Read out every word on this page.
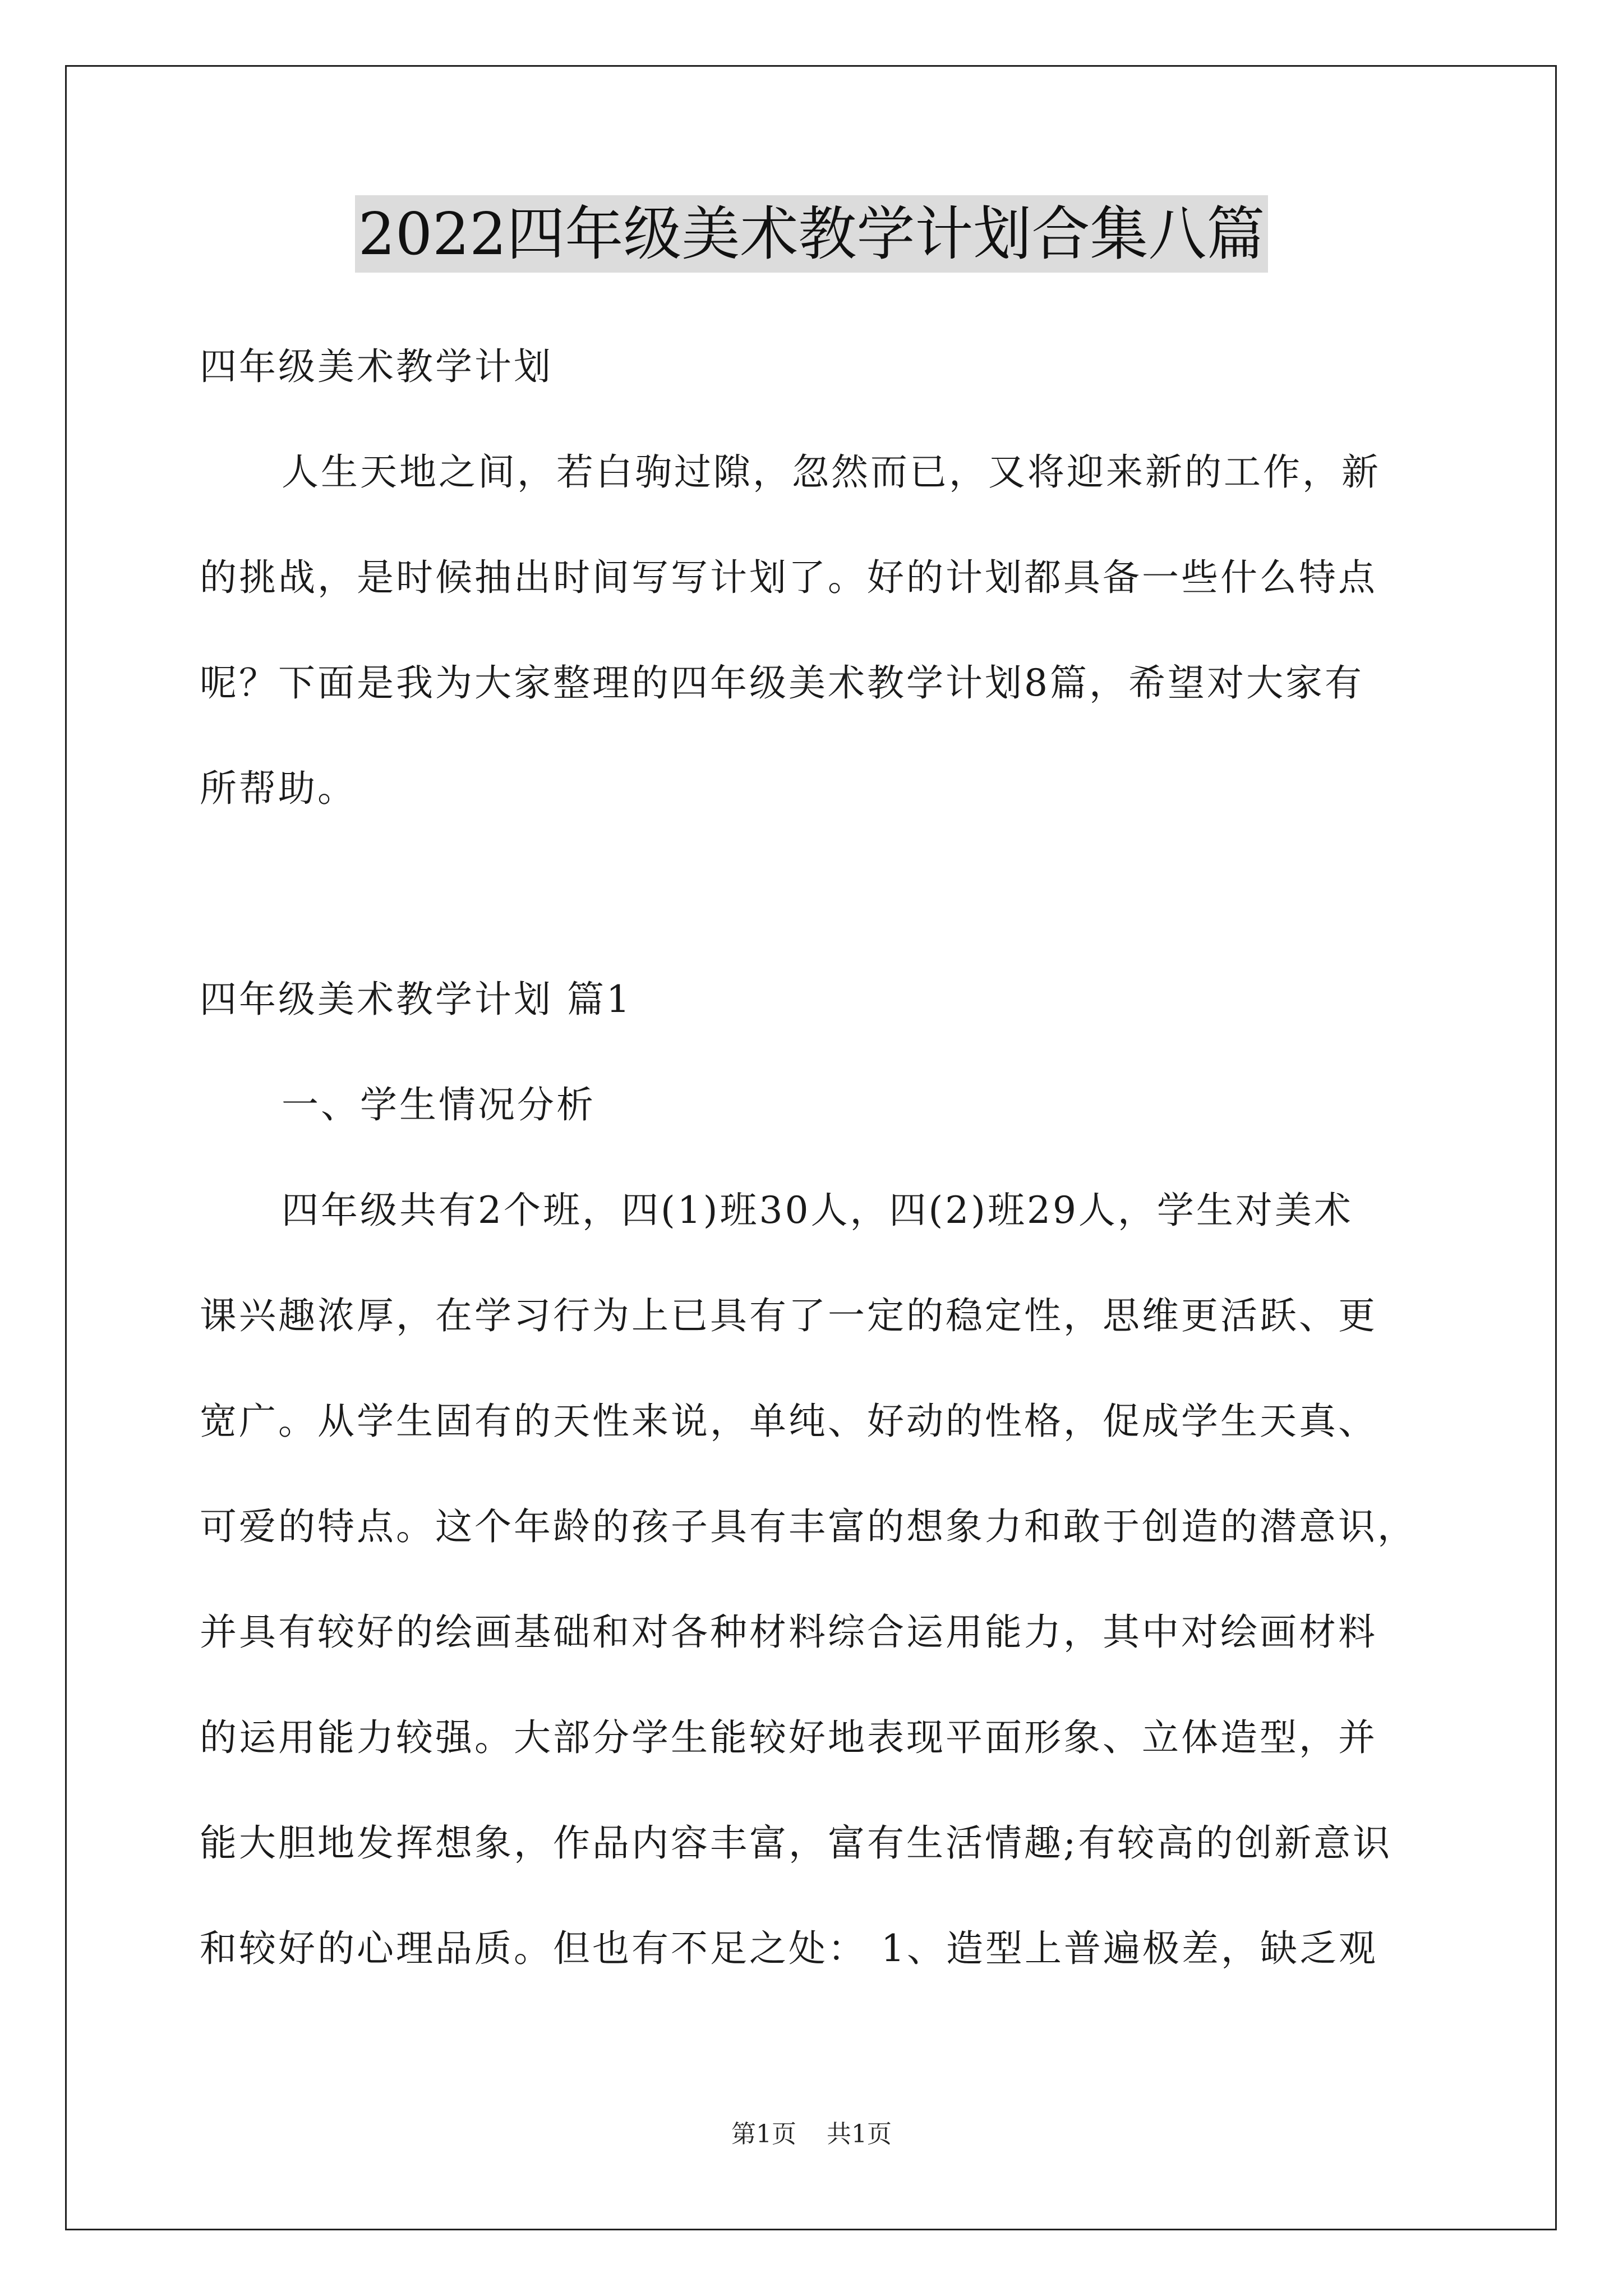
2022四年级美术教学计划合集八篇
四年级美术教学计划
人生天地之间，若白驹过隙，忽然而已，又将迎来新的工作，新
的挑战，是时候抽出时间写写计划了。好的计划都具备一些什么特点
呢？下面是我为大家整理的四年级美术教学计划8篇，希望对大家有
所帮助。
四年级美术教学计划 篇1
一、学生情况分析
四年级共有2个班，四(1)班30人，四(2)班29人，学生对美术
课兴趣浓厚，在学习行为上已具有了一定的稳定性，思维更活跃、更
宽广。从学生固有的天性来说，单纯、好动的性格，促成学生天真、
可爱的特点。这个年龄的孩子具有丰富的想象力和敢于创造的潜意识，
并具有较好的绘画基础和对各种材料综合运用能力，其中对绘画材料
的运用能力较强。大部分学生能较好地表现平面形象、立体造型，并
能大胆地发挥想象，作品内容丰富，富有生活情趣;有较高的创新意识
和较好的心理品质。但也有不足之处： 1、造型上普遍极差，缺乏观
第1页 共1页
